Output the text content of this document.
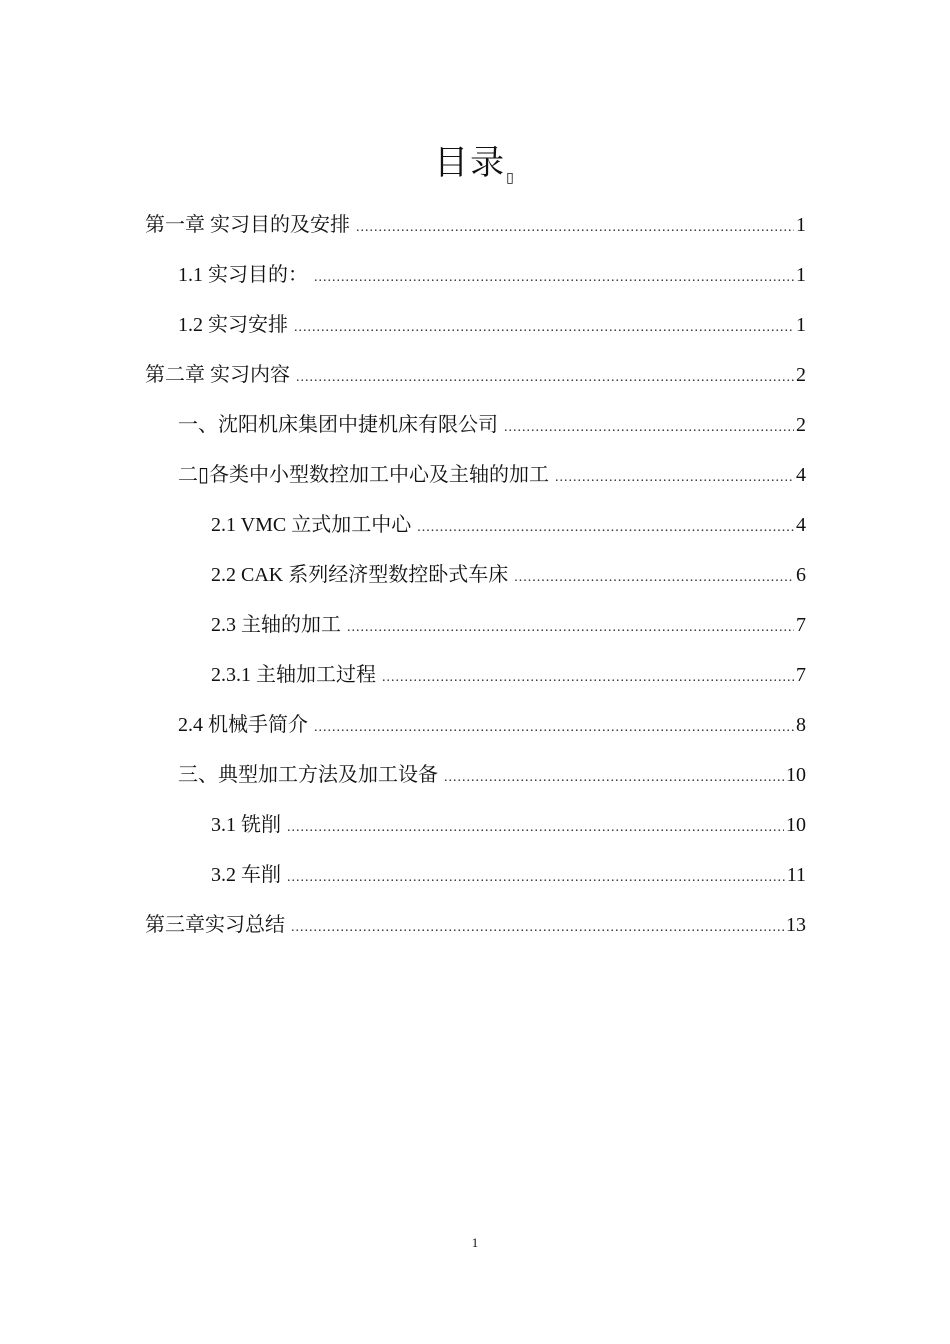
目录$_▯$
第一章 实习目的及安排 .....	1
1.1 实习目的： .....	1
1.2 实习安排 .....	1
第二章 实习内容 .....	2
一、沈阳机床集团中捷机床有限公司 .....	2
二▯各类中小型数控加工中心及主轴的加工 .....	4
2.1 VMC 立式加工中心 .....	4
2.2 CAK 系列经济型数控卧式车床 .....	6
2.3 主轴的加工 .....	7
2.3.1 主轴加工过程 .....	7
2.4 机械手简介 .....	8
三、典型加工方法及加工设备 .....	10
3.1 铣削 .....	10
3.2 车削 .....	11
第三章实习总结 .....	13
1
